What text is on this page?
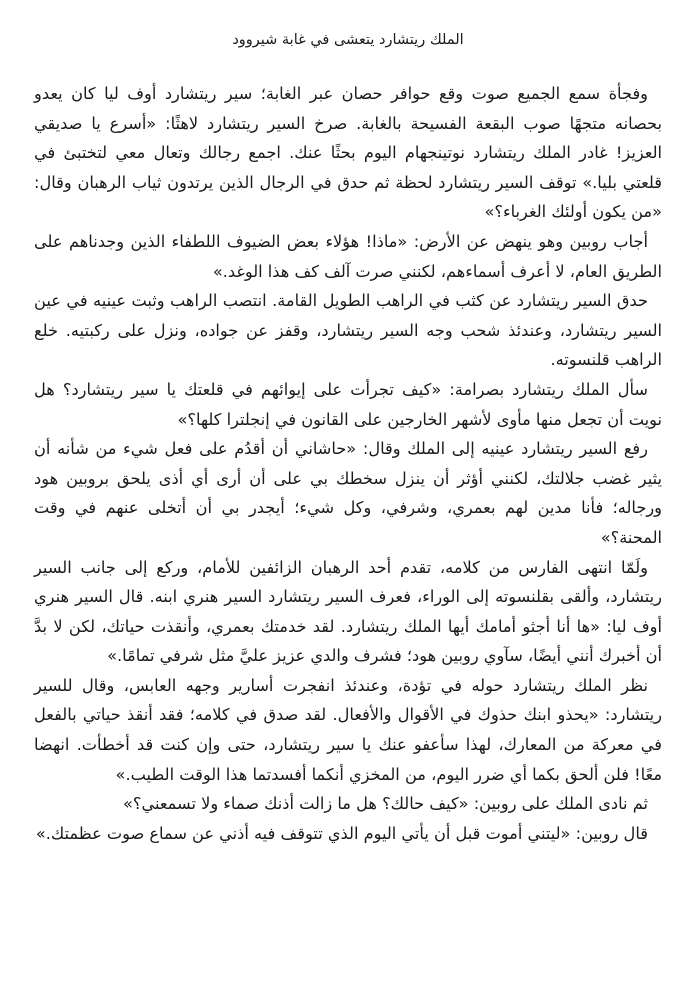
الملك ريتشارد يتعشى في غابة شيروود

وفجأة سمع الجميع صوت وقع حوافر حصان عبر الغابة؛ سير ريتشارد أوف ليا كان يعدو بحصانه متجهًا صوب البقعة الفسيحة بالغابة. صرخ السير ريتشارد لاهثًا: «أسرع يا صديقي العزيز! غادر الملك ريتشارد نوتينجهام اليوم بحثًا عنك. اجمع رجالك وتعال معي لتختبئ في قلعتي بليا.» توقف السير ريتشارد لحظة ثم حدق في الرجال الذين يرتدون ثياب الرهبان وقال: «من يكون أولئك الغرباء؟»

أجاب روبين وهو ينهض عن الأرض: «ماذا! هؤلاء بعض الضيوف اللطفاء الذين وجدناهم على الطريق العام، لا أعرف أسماءهم، لكنني صرت آلف كف هذا الوغد.»

حدق السير ريتشارد عن كثب في الراهب الطويل القامة. انتصب الراهب وثبت عينيه في عين السير ريتشارد، وعندئذ شحب وجه السير ريتشارد، وقفز عن جواده، ونزل على ركبتيه. خلع الراهب قلنسوته.

سأل الملك ريتشارد بصرامة: «كيف تجرأت على إيوائهم في قلعتك يا سير ريتشارد؟ هل نويت أن تجعل منها مأوى لأشهر الخارجين على القانون في إنجلترا كلها؟»

رفع السير ريتشارد عينيه إلى الملك وقال: «حاشاني أن أقدُم على فعل شيء من شأنه أن يثير غضب جلالتك، لكنني أؤثر أن ينزل سخطك بي على أن أرى أي أذى يلحق بروبين هود ورجاله؛ فأنا مدين لهم بعمري، وشرفي، وكل شيء؛ أيجدر بي أن أتخلى عنهم في وقت المحنة؟»

ولَمّا انتهى الفارس من كلامه، تقدم أحد الرهبان الزائفين للأمام، وركع إلى جانب السير ريتشارد، وألقى بقلنسوته إلى الوراء، فعرف السير ريتشارد السير هنري ابنه. قال السير هنري أوف ليا: «ها أنا أجثو أمامك أيها الملك ريتشارد. لقد خدمتك بعمري، وأنقذت حياتك، لكن لا بدَّ أن أخبرك أنني أيضًا، سآوي روبين هود؛ فشرف والدي عزيز عليَّ مثل شرفي تمامًا.»

نظر الملك ريتشارد حوله في تؤدة، وعندئذ انفجرت أسارير وجهه العابس، وقال للسير ريتشارد: «يحذو ابنك حذوك في الأقوال والأفعال. لقد صدق في كلامه؛ فقد أنقذ حياتي بالفعل في معركة من المعارك، لهذا سأعفو عنك يا سير ريتشارد، حتى وإن كنت قد أخطأت. انهضا معًا! فلن ألحق بكما أي ضرر اليوم، من المخزي أنكما أفسدتما هذا الوقت الطيب.»

ثم نادى الملك على روبين: «كيف حالك؟ هل ما زالت أذنك صماء ولا تسمعني؟»

قال روبين: «ليتني أموت قبل أن يأتي اليوم الذي تتوقف فيه أذني عن سماع صوت عظمتك.»
